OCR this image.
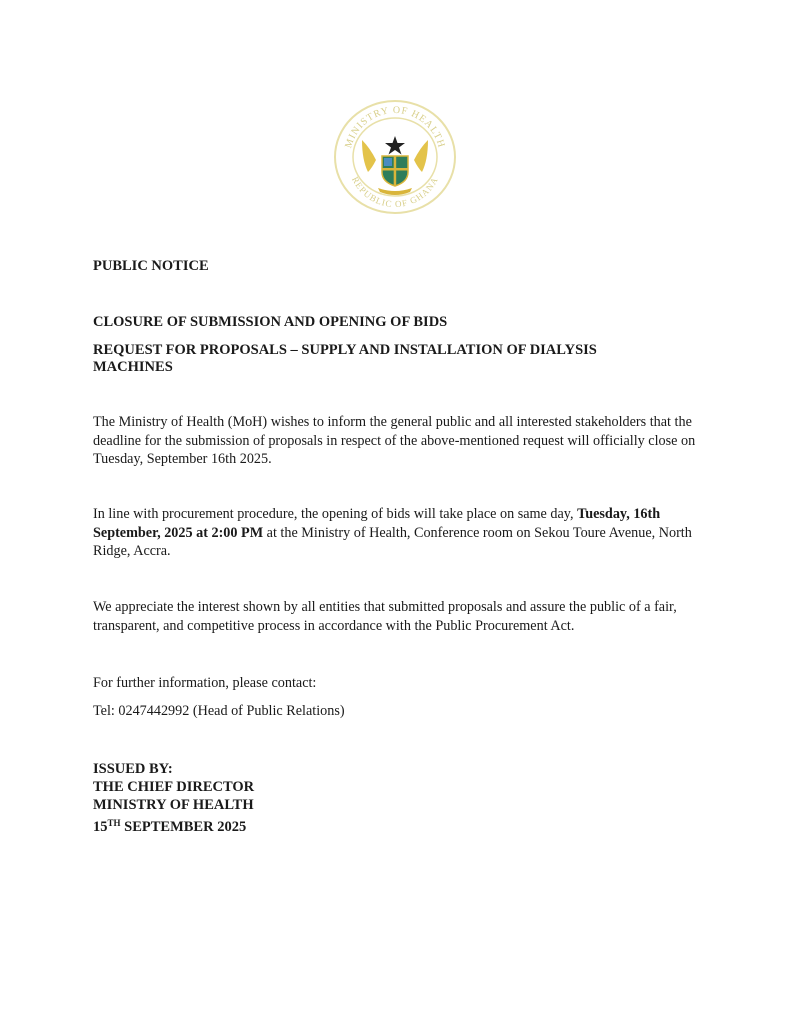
MINISTRY OF HEALTH
REPUBLIC OF GHANA
PUBLIC NOTICE
CLOSURE OF SUBMISSION AND OPENING OF BIDS
REQUEST FOR PROPOSALS – SUPPLY AND INSTALLATION OF DIALYSIS
MACHINES
The Ministry of Health (MoH) wishes to inform the general public and all interested stakeholders that the deadline for the submission of proposals in respect of the above-mentioned request will officially close on Tuesday, September 16th 2025.
In line with procurement procedure, the opening of bids will take place on same day, Tuesday, 16th September, 2025 at 2:00 PM at the Ministry of Health, Conference room on Sekou Toure Avenue, North Ridge, Accra.
We appreciate the interest shown by all entities that submitted proposals and assure the public of a fair, transparent, and competitive process in accordance with the Public Procurement Act.
For further information, please contact:
Tel: 0247442992 (Head of Public Relations)
ISSUED BY:
THE CHIEF DIRECTOR
MINISTRY OF HEALTH
15TH SEPTEMBER 2025
